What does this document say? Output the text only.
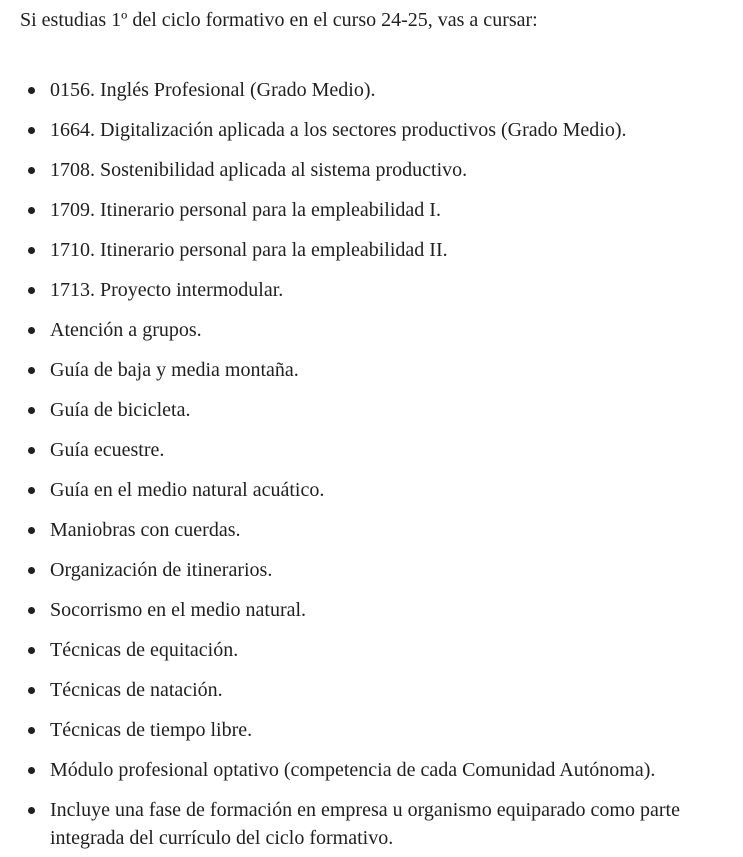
Si estudias 1º del ciclo formativo en el curso 24-25, vas a cursar:

0156. Inglés Profesional (Grado Medio).
1664. Digitalización aplicada a los sectores productivos (Grado Medio).
1708. Sostenibilidad aplicada al sistema productivo.
1709. Itinerario personal para la empleabilidad I.
1710. Itinerario personal para la empleabilidad II.
1713. Proyecto intermodular.
Atención a grupos.
Guía de baja y media montaña.
Guía de bicicleta.
Guía ecuestre.
Guía en el medio natural acuático.
Maniobras con cuerdas.
Organización de itinerarios.
Socorrismo en el medio natural.
Técnicas de equitación.
Técnicas de natación.
Técnicas de tiempo libre.
Módulo profesional optativo (competencia de cada Comunidad Autónoma).
Incluye una fase de formación en empresa u organismo equiparado como parte integrada del currículo del ciclo formativo.
